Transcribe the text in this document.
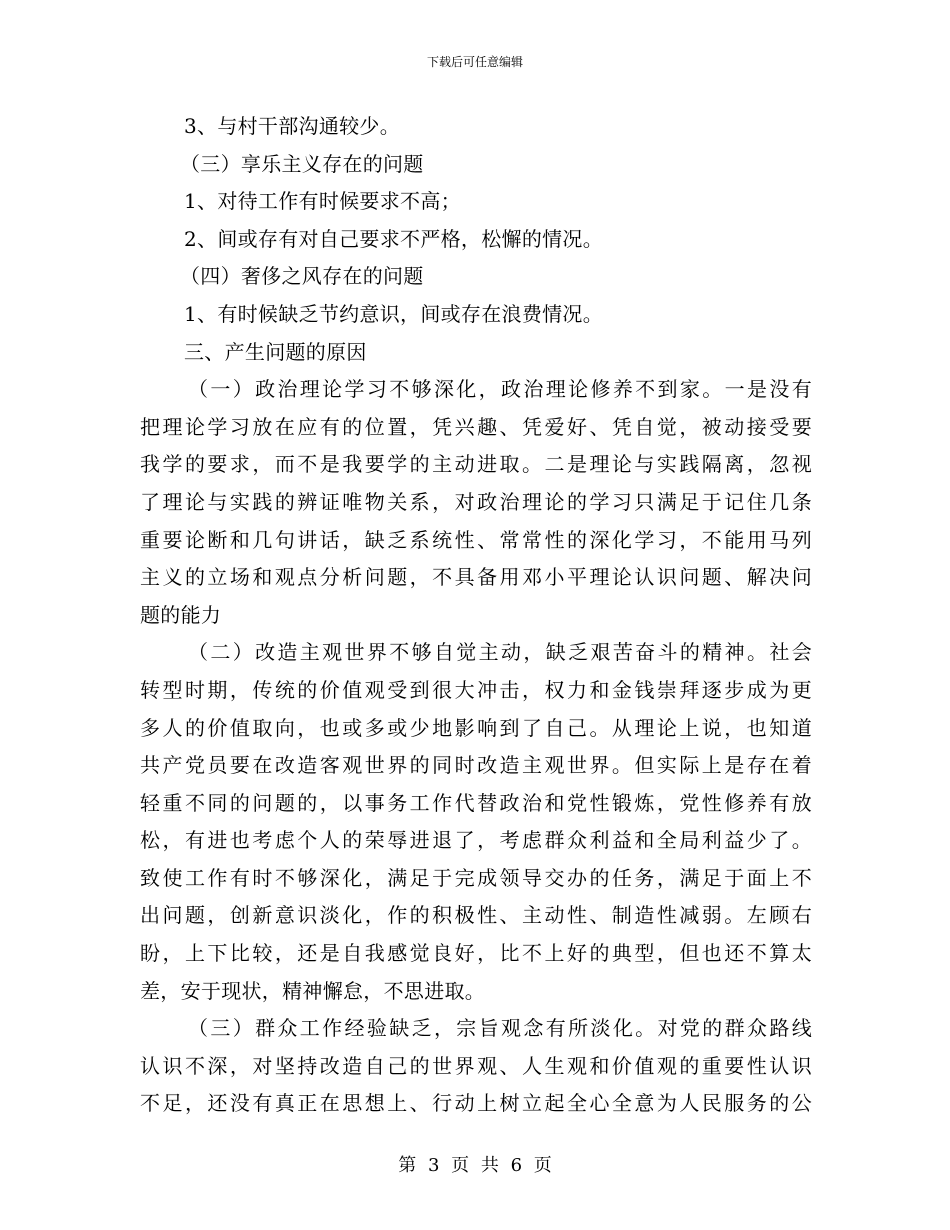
下载后可任意编辑
3、与村干部沟通较少。
（三）享乐主义存在的问题
1、对待工作有时候要求不高；
2、间或存有对自己要求不严格，松懈的情况。
（四）奢侈之风存在的问题
1、有时候缺乏节约意识，间或存在浪费情况。
三、产生问题的原因
（一）政治理论学习不够深化，政治理论修养不到家。一是没有
把理论学习放在应有的位置，凭兴趣、凭爱好、凭自觉，被动接受要
我学的要求，而不是我要学的主动进取。二是理论与实践隔离，忽视
了理论与实践的辨证唯物关系，对政治理论的学习只满足于记住几条
重要论断和几句讲话，缺乏系统性、常常性的深化学习，不能用马列
主义的立场和观点分析问题，不具备用邓小平理论认识问题、解决问
题的能力
（二）改造主观世界不够自觉主动，缺乏艰苦奋斗的精神。社会
转型时期，传统的价值观受到很大冲击，权力和金钱崇拜逐步成为更
多人的价值取向，也或多或少地影响到了自己。从理论上说，也知道
共产党员要在改造客观世界的同时改造主观世界。但实际上是存在着
轻重不同的问题的，以事务工作代替政治和党性锻炼，党性修养有放
松，有进也考虑个人的荣辱进退了，考虑群众利益和全局利益少了。
致使工作有时不够深化，满足于完成领导交办的任务，满足于面上不
出问题，创新意识淡化，作的积极性、主动性、制造性减弱。左顾右
盼，上下比较，还是自我感觉良好，比不上好的典型，但也还不算太
差，安于现状，精神懈怠，不思进取。
（三）群众工作经验缺乏，宗旨观念有所淡化。对党的群众路线
认识不深，对坚持改造自己的世界观、人生观和价值观的重要性认识
不足，还没有真正在思想上、行动上树立起全心全意为人民服务的公
第 3 页 共 6 页
